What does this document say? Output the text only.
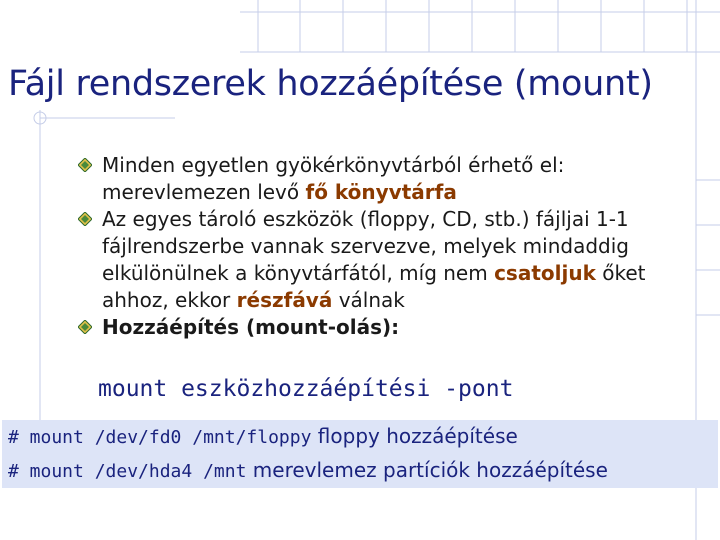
Fájl rendszerek hozzáépítése (mount)
Minden egyetlen gyökérkönyvtárból érhető el: merevlemezen levő fő könyvtárfa
Az egyes tároló eszközök (floppy, CD, stb.) fájljai 1-1 fájlrendszerbe vannak szervezve, melyek mindaddig elkülönülnek a könyvtárfától, míg nem csatoljuk őket ahhoz, ekkor részfává válnak
Hozzáépítés (mount-olás):
mount eszközhozzáépítési -pont
# mount /dev/fd0 /mnt/floppy floppy hozzáépítése
# mount /dev/hda4 /mnt merevlemez partíciók hozzáépítése
